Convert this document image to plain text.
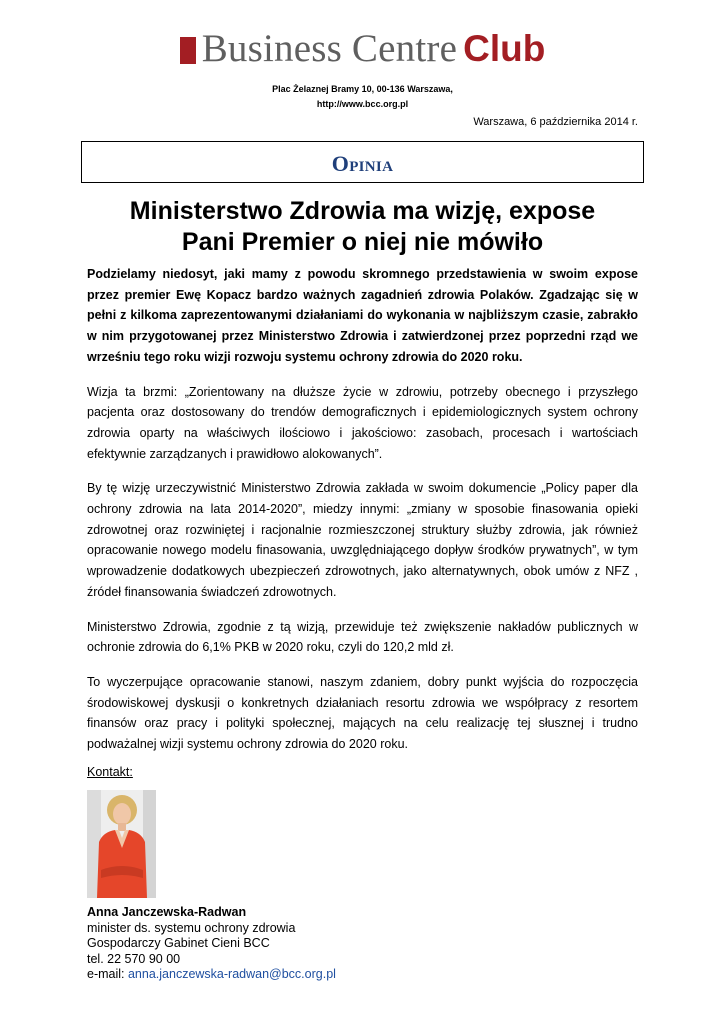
Business Centre Club
Plac Żelaznej Bramy 10, 00-136 Warszawa,
http://www.bcc.org.pl
Warszawa, 6 października 2014 r.
Opinia
Ministerstwo Zdrowia ma wizję, expose
Pani Premier o niej nie mówiło

Podzielamy niedosyt, jaki mamy z powodu skromnego przedstawienia w swoim expose przez premier Ewę Kopacz bardzo ważnych zagadnień zdrowia Polaków. Zgadzając się w pełni z kilkoma zaprezentowanymi działaniami do wykonania w najbliższym czasie, zabrakło w nim przygotowanej przez Ministerstwo Zdrowia i zatwierdzonej przez poprzedni rząd we wrześniu tego roku wizji rozwoju systemu ochrony zdrowia do 2020 roku.

Wizja ta brzmi: „Zorientowany na dłuższe życie w zdrowiu, potrzeby obecnego i przyszłego pacjenta oraz dostosowany do trendów demograficznych i epidemiologicznych system ochrony zdrowia oparty na właściwych ilościowo i jakościowo: zasobach, procesach i wartościach efektywnie zarządzanych i prawidłowo alokowanych”.

By tę wizję urzeczywistnić Ministerstwo Zdrowia zakłada w swoim dokumencie „Policy paper dla ochrony zdrowia na lata 2014-2020”, miedzy innymi: „zmiany w sposobie finasowania opieki zdrowotnej oraz rozwiniętej i racjonalnie rozmieszczonej struktury służby zdrowia, jak również opracowanie nowego modelu finasowania, uwzględniającego dopływ środków prywatnych”, w tym wprowadzenie dodatkowych ubezpieczeń zdrowotnych, jako alternatywnych, obok umów z NFZ , źródeł finansowania świadczeń zdrowotnych.

Ministerstwo Zdrowia, zgodnie z tą wizją, przewiduje też zwiększenie nakładów publicznych w ochronie zdrowia do 6,1% PKB w 2020 roku, czyli do 120,2 mld zł.

To wyczerpujące opracowanie stanowi, naszym zdaniem, dobry punkt wyjścia do rozpoczęcia środowiskowej dyskusji o konkretnych działaniach resortu zdrowia we współpracy z resortem finansów oraz pracy i polityki społecznej, mających na celu realizację tej słusznej i trudno podważalnej wizji systemu ochrony zdrowia do 2020 roku.

Kontakt:
Anna Janczewska-Radwan
minister ds. systemu ochrony zdrowia
Gospodarczy Gabinet Cieni BCC
tel. 22 570 90 00
e-mail: anna.janczewska-radwan@bcc.org.pl
